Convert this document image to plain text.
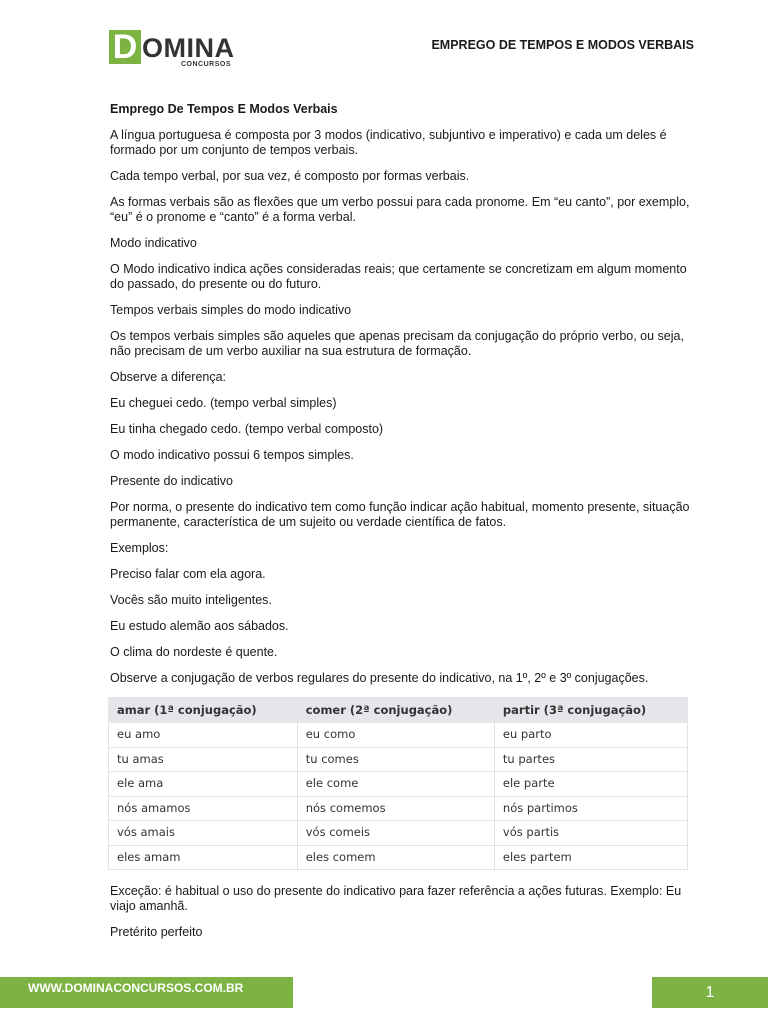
D OMINA
CONCURSOS
EMPREGO DE TEMPOS E MODOS VERBAIS
Emprego De Tempos E Modos Verbais

A língua portuguesa é composta por 3 modos (indicativo, subjuntivo e imperativo) e cada um deles é formado por um conjunto de tempos verbais.

Cada tempo verbal, por sua vez, é composto por formas verbais.

As formas verbais são as flexões que um verbo possui para cada pronome. Em “eu canto”, por exemplo, “eu” é o pronome e “canto” é a forma verbal.

Modo indicativo

O Modo indicativo indica ações consideradas reais; que certamente se concretizam em algum momento do passado, do presente ou do futuro.

Tempos verbais simples do modo indicativo

Os tempos verbais simples são aqueles que apenas precisam da conjugação do próprio verbo, ou seja, não precisam de um verbo auxiliar na sua estrutura de formação.

Observe a diferença:

Eu cheguei cedo. (tempo verbal simples)

Eu tinha chegado cedo. (tempo verbal composto)

O modo indicativo possui 6 tempos simples.

Presente do indicativo

Por norma, o presente do indicativo tem como função indicar ação habitual, momento presente, situação permanente, característica de um sujeito ou verdade científica de fatos.

Exemplos:

Preciso falar com ela agora.

Vocês são muito inteligentes.

Eu estudo alemão aos sábados.

O clima do nordeste é quente.

Observe a conjugação de verbos regulares do presente do indicativo, na 1º, 2º e 3º conjugações.

amar (1ª conjugação)	comer (2ª conjugação)	partir (3ª conjugação)
eu amo	eu como	eu parto
tu amas	tu comes	tu partes
ele ama	ele come	ele parte
nós amamos	nós comemos	nós partimos
vós amais	vós comeis	vós partis
eles amam	eles comem	eles partem

Exceção: é habitual o uso do presente do indicativo para fazer referência a ações futuras. Exemplo: Eu viajo amanhã.

Pretérito perfeito

WWW.DOMINACONCURSOS.COM.BR	1
